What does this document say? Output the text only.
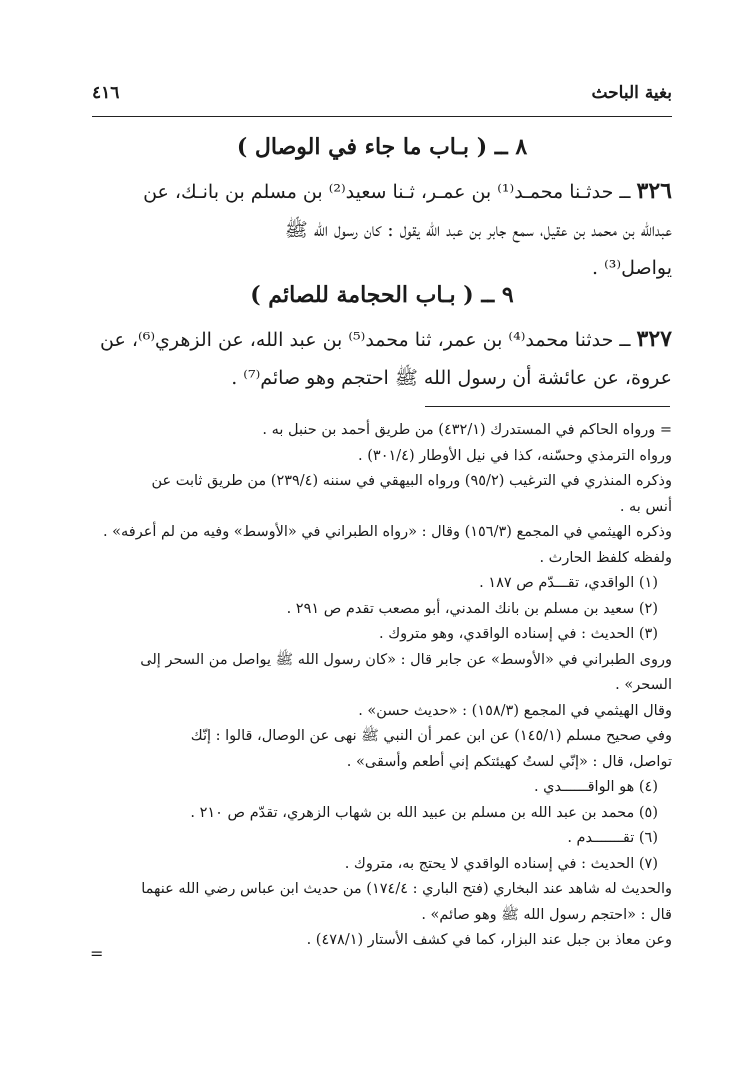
بغية الباحث
٤١٦
٨ ــ ( بـاب ما جاء في الوصال )
٣٢٦ ــ حدثـنا محمـد⁽¹⁾ بن عمـر، ثـنا سعيد⁽²⁾ بن مسلم بن بانـك، عن
عبدالله بن محمد بن عقيل، سمع جابر بن عبد الله يقول : كان رسول الله ﷺ
يواصل⁽³⁾ .
٩ ــ ( بـاب الحجامة للصائم )
٣٢٧ ــ حدثنا محمد⁽⁴⁾ بن عمر، ثنا محمد⁽⁵⁾ بن عبد الله، عن الزهري⁽⁶⁾، عن
عروة، عن عائشة أن رسول الله ﷺ احتجم وهو صائم⁽⁷⁾ .
= ورواه الحاكم في المستدرك (٤٣٢/١) من طريق أحمد بن حنبل به .
ورواه الترمذي وحسّنه، كذا في نيل الأوطار (٣٠١/٤) .
وذكره المنذري في الترغيب (٩٥/٢) ورواه البيهقي في سننه (٢٣٩/٤) من طريق ثابت عن
أنس به .
وذكره الهيثمي في المجمع (١٥٦/٣) وقال : «رواه الطبراني في «الأوسط» وفيه من لم أعرفه» .
ولفظه كلفظ الحارث .
(١) الواقدي، تقـــدّم ص ١٨٧ .
(٢) سعيد بن مسلم بن بانك المدني، أبو مصعب تقدم ص ٢٩١ .
(٣) الحديث : في إسناده الواقدي، وهو متروك .
وروى الطبراني في «الأوسط» عن جابر قال : «كان رسول الله ﷺ يواصل من السحر إلى
السحر» .
وقال الهيثمي في المجمع (١٥٨/٣) : «حديث حسن» .
وفي صحيح مسلم (١٤٥/١) عن ابن عمر أن النبي ﷺ نهى عن الوصال، قالوا : إنّك
تواصل، قال : «إنّي لستُ كهيئتكم إني أطعم وأسقى» .
(٤) هو الواقــــــدي .
(٥) محمد بن عبد الله بن مسلم بن عبيد الله بن شهاب الزهري، تقدّم ص ٢١٠ .
(٦) تقـــــــدم .
(٧) الحديث : في إسناده الواقدي لا يحتج به، متروك .
والحديث له شاهد عند البخاري (فتح الباري : ١٧٤/٤) من حديث ابن عباس رضي الله عنهما
قال : «احتجم رسول الله ﷺ وهو صائم» .
وعن معاذ بن جبل عند البزار، كما في كشف الأستار (٤٧٨/١) .
=
